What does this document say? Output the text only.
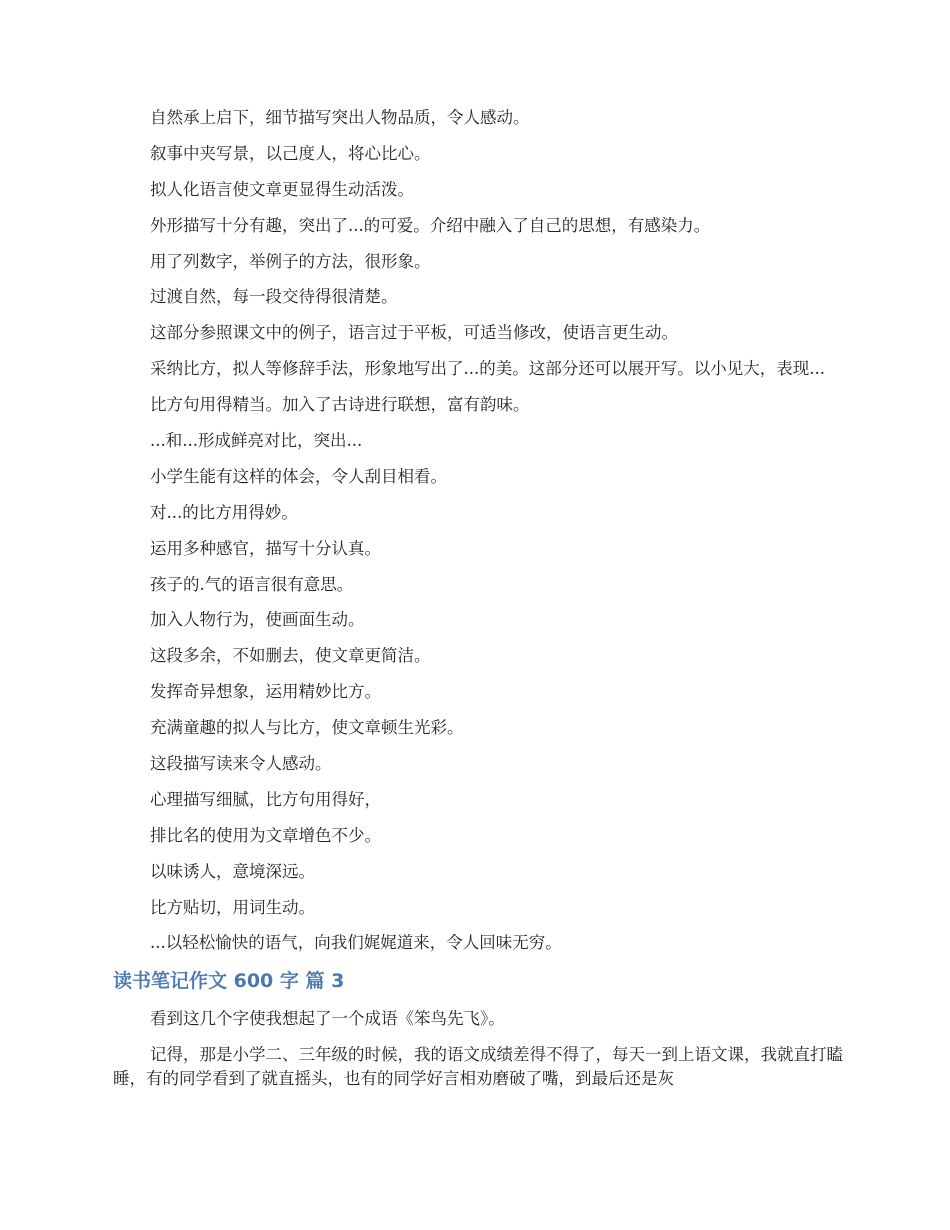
自然承上启下，细节描写突出人物品质，令人感动。

叙事中夹写景，以己度人，将心比心。

拟人化语言使文章更显得生动活泼。

外形描写十分有趣，突出了...的可爱。介绍中融入了自己的思想，有感染力。

用了列数字，举例子的方法，很形象。

过渡自然，每一段交待得很清楚。

这部分参照课文中的例子，语言过于平板，可适当修改，使语言更生动。

采纳比方，拟人等修辞手法，形象地写出了...的美。这部分还可以展开写。以小见大，表现...

比方句用得精当。加入了古诗进行联想，富有韵味。

...和...形成鲜亮对比，突出...

小学生能有这样的体会，令人刮目相看。

对...的比方用得妙。

运用多种感官，描写十分认真。

孩子的.气的语言很有意思。

加入人物行为，使画面生动。

这段多余，不如删去，使文章更简洁。

发挥奇异想象，运用精妙比方。

充满童趣的拟人与比方，使文章顿生光彩。

这段描写读来令人感动。

心理描写细腻，比方句用得好，

排比名的使用为文章增色不少。

以味诱人，意境深远。

比方贴切，用词生动。

...以轻松愉快的语气，向我们娓娓道来，令人回味无穷。

读书笔记作文 600 字 篇 3

看到这几个字使我想起了一个成语《笨鸟先飞》。

记得，那是小学二、三年级的时候，我的语文成绩差得不得了，每天一到上语文课，我就直打瞌睡，有的同学看到了就直摇头，也有的同学好言相劝磨破了嘴，到最后还是灰
